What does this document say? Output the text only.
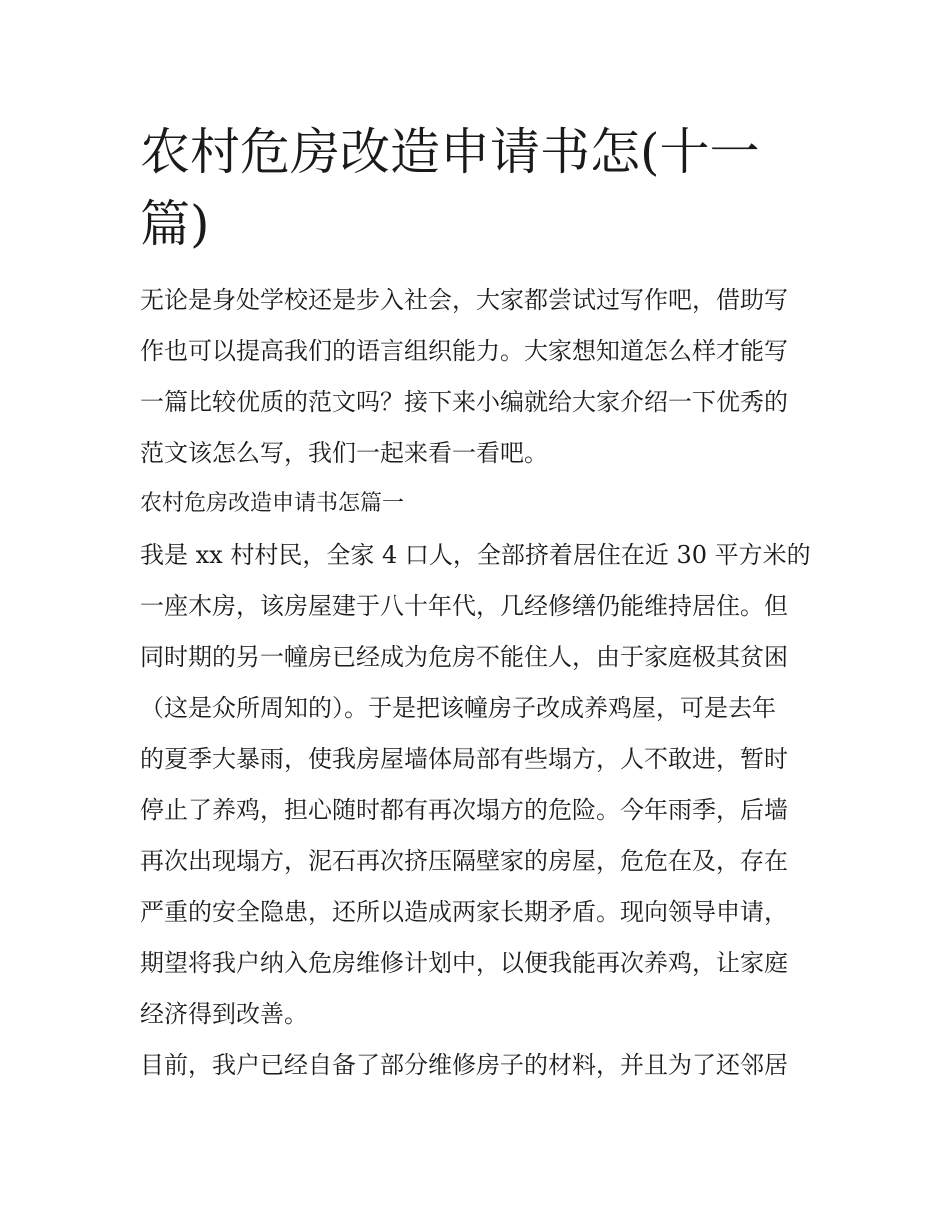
农村危房改造申请书怎(十一篇)

无论是身处学校还是步入社会，大家都尝试过写作吧，借助写

作也可以提高我们的语言组织能力。大家想知道怎么样才能写

一篇比较优质的范文吗？接下来小编就给大家介绍一下优秀的

范文该怎么写，我们一起来看一看吧。

农村危房改造申请书怎篇一

我是 xx 村村民，全家 4 口人，全部挤着居住在近 30 平方米的

一座木房，该房屋建于八十年代，几经修缮仍能维持居住。但

同时期的另一幢房已经成为危房不能住人，由于家庭极其贫困

（这是众所周知的）。于是把该幢房子改成养鸡屋，可是去年

的夏季大暴雨，使我房屋墙体局部有些塌方，人不敢进，暂时

停止了养鸡，担心随时都有再次塌方的危险。今年雨季，后墙

再次出现塌方，泥石再次挤压隔壁家的房屋，危危在及，存在

严重的安全隐患，还所以造成两家长期矛盾。现向领导申请，

期望将我户纳入危房维修计划中，以便我能再次养鸡，让家庭

经济得到改善。

目前，我户已经自备了部分维修房子的材料，并且为了还邻居
